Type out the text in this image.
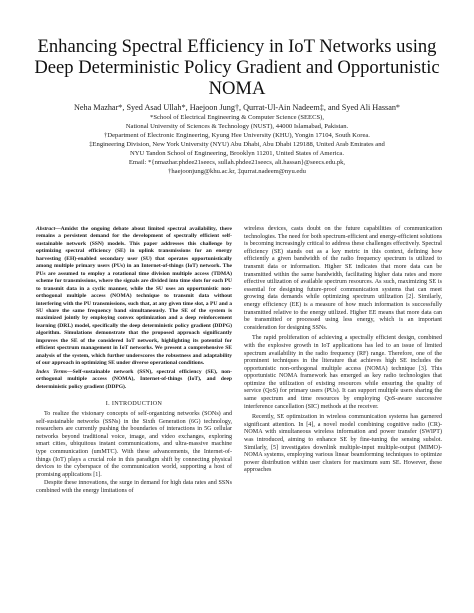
Enhancing Spectral Efficiency in IoT Networks using Deep Deterministic Policy Gradient and Opportunistic NOMA
Neha Mazhar*, Syed Asad Ullah*, Haejoon Jung†, Qurrat-Ul-Ain Nadeem‡, and Syed Ali Hassan*
*School of Electrical Engineering & Computer Science (SEECS),
National University of Sciences & Technology (NUST), 44000 Islamabad, Pakistan.
†Department of Electronic Engineering, Kyung Hee University (KHU), Yongin 17104, South Korea.
‡Engineering Division, New York University (NYU) Abu Dhabi, Abu Dhabi 129188, United Arab Emirates and
NYU Tandon School of Engineering, Brooklyn 11201, United States of America.
Email: *{nmazhar.phdee21seecs, sullah.phdee21seecs, ali.hassan}@seecs.edu.pk,
†haejoonjung@khu.ac.kr, ‡qurrat.nadeem@nyu.edu

Abstract—Amidst the ongoing debate about limited spectral availability, there remains a persistent demand for the development of spectrally efficient self-sustainable network (SSN) models. This paper addresses this challenge by optimizing spectral efficiency (SE) in uplink transmissions for an energy harvesting (EH)-enabled secondary user (SU) that operates opportunistically among multiple primary users (PUs) in an Internet-of-things (IoT) network. The PUs are assumed to employ a rotational time division multiple access (TDMA) scheme for transmissions, where the signals are divided into time slots for each PU to transmit data in a cyclic manner, while the SU uses an opportunistic non-orthogonal multiple access (NOMA) technique to transmit data without interfering with the PU transmissions, such that, at any given time slot, a PU and a SU share the same frequency band simultaneously. The SE of the system is maximized jointly by employing convex optimization and a deep reinforcement learning (DRL) model, specifically the deep deterministic policy gradient (DDPG) algorithm. Simulations demonstrate that the proposed approach significantly improves the SE of the considered IoT network, highlighting its potential for efficient spectrum management in IoT networks. We present a comprehensive SE analysis of the system, which further underscores the robustness and adaptability of our approach in optimizing SE under diverse operational conditions.

Index Terms—Self-sustainable network (SSN), spectral efficiency (SE), non-orthogonal multiple access (NOMA), Internet-of-things (IoT), and deep deterministic policy gradient (DDPG).

I. INTRODUCTION

To realize the visionary concepts of self-organizing networks (SONs) and self-sustainable networks (SSNs) in the Sixth Generation (6G) technology, researchers are currently pushing the boundaries of interactions in 5G cellular networks beyond traditional voice, image, and video exchanges, exploring smart cities, ubiquitous instant communications, and ultra-massive machine type communication (umMTC). With these advancements, the Internet-of-things (IoT) plays a crucial role in this paradigm shift by connecting physical devices to the cyberspace of the communication world, supporting a host of promising applications [1].

Despite these innovations, the surge in demand for high data rates and SSNs combined with the energy limitations of

wireless devices, casts doubt on the future capabilities of communication technologies. The need for both spectrum-efficient and energy-efficient solutions is becoming increasingly critical to address these challenges effectively. Spectral efficiency (SE) stands out as a key metric in this context, defining how efficiently a given bandwidth of the radio frequency spectrum is utilized to transmit data or information. Higher SE indicates that more data can be transmitted within the same bandwidth, facilitating higher data rates and more effective utilization of available spectrum resources. As such, maximizing SE is essential for designing future-proof communication systems that can meet growing data demands while optimizing spectrum utilization [2]. Similarly, energy efficiency (EE) is a measure of how much information is successfully transmitted relative to the energy utilized. Higher EE means that more data can be transmitted or processed using less energy, which is an important consideration for designing SSNs.

The rapid proliferation of achieving a spectrally efficient design, combined with the explosive growth in IoT applications has led to an issue of limited spectrum availability in the radio frequency (RF) range. Therefore, one of the prominent techniques in the literature that achieves high SE includes the opportunistic non-orthogonal multiple access (NOMA) technique [3]. This opportunistic NOMA framework has emerged as key radio technologies that optimize the utilization of existing resources while ensuring the quality of service (QoS) for primary users (PUs). It can support multiple users sharing the same spectrum and time resources by employing QoS-aware successive interference cancellation (SIC) methods at the receiver.

Recently, SE optimization in wireless communication systems has garnered significant attention. In [4], a novel model combining cognitive radio (CR)-NOMA with simultaneous wireless information and power transfer (SWIPT) was introduced, aiming to enhance SE by fine-tuning the sensing subslot. Similarly, [5] investigates downlink multiple-input multiple-output (MIMO)-NOMA systems, employing various linear beamforming techniques to optimize power distribution within user clusters for maximum sum SE. However, these approaches
